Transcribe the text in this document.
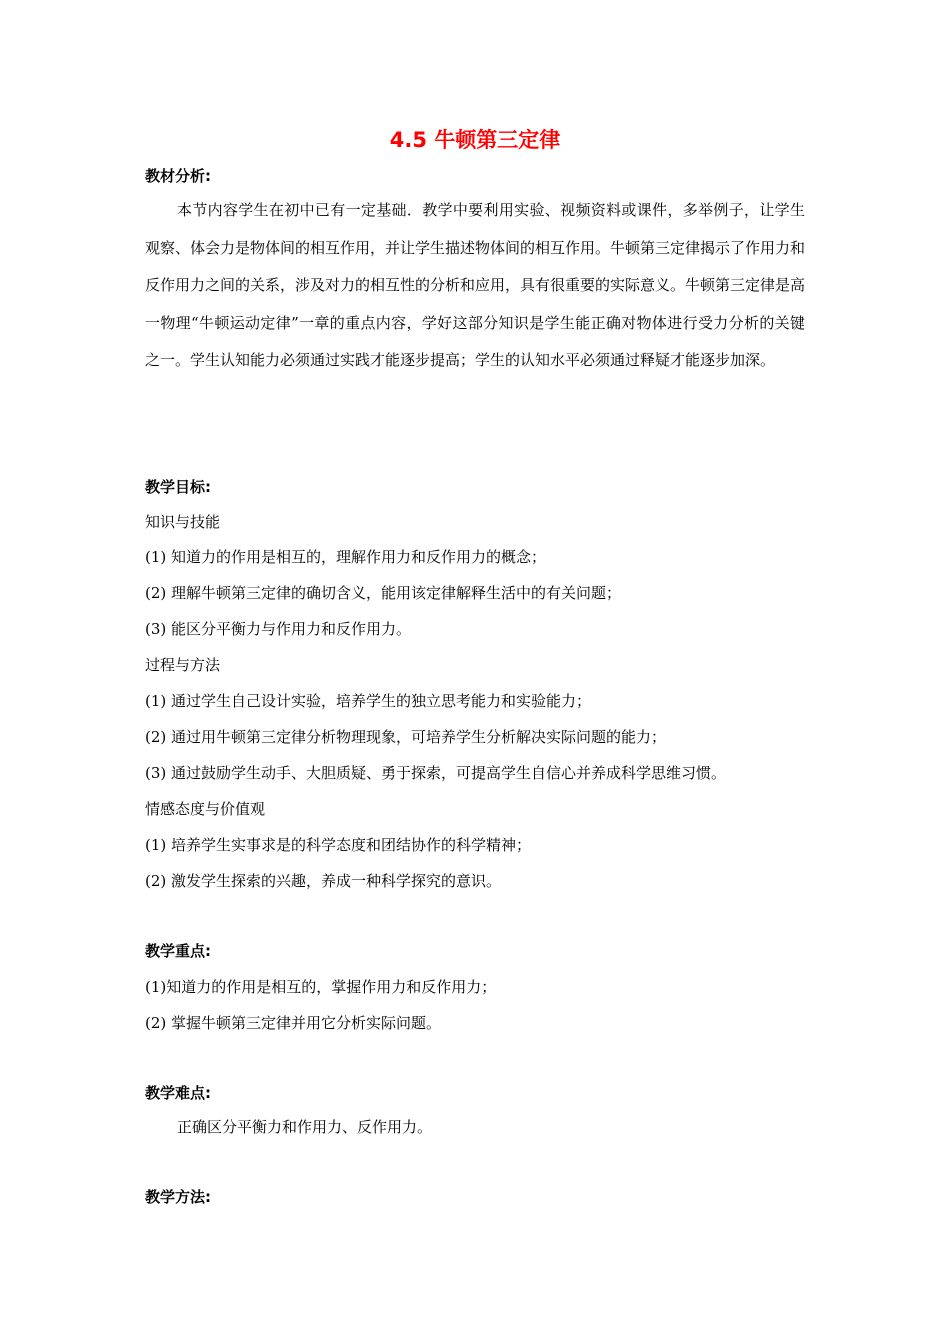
4.5 牛顿第三定律
教材分析:
本节内容学生在初中已有一定基础．教学中要利用实验、视频资料或课件，多举例子，让学生观察、体会力是物体间的相互作用，并让学生描述物体间的相互作用。牛顿第三定律揭示了作用力和反作用力之间的关系，涉及对力的相互性的分析和应用，具有很重要的实际意义。牛顿第三定律是高一物理“牛顿运动定律”一章的重点内容，学好这部分知识是学生能正确对物体进行受力分析的关键之一。学生认知能力必须通过实践才能逐步提高；学生的认知水平必须通过释疑才能逐步加深。
教学目标:
知识与技能
(1) 知道力的作用是相互的，理解作用力和反作用力的概念；
(2) 理解牛顿第三定律的确切含义，能用该定律解释生活中的有关问题；
(3) 能区分平衡力与作用力和反作用力。
过程与方法
(1) 通过学生自己设计实验，培养学生的独立思考能力和实验能力；
(2) 通过用牛顿第三定律分析物理现象，可培养学生分析解决实际问题的能力；
(3) 通过鼓励学生动手、大胆质疑、勇于探索，可提高学生自信心并养成科学思维习惯。
情感态度与价值观
(1) 培养学生实事求是的科学态度和团结协作的科学精神；
(2) 激发学生探索的兴趣，养成一种科学探究的意识。
教学重点:
(1)知道力的作用是相互的，掌握作用力和反作用力；
(2) 掌握牛顿第三定律并用它分析实际问题。
教学难点:
正确区分平衡力和作用力、反作用力。
教学方法:
